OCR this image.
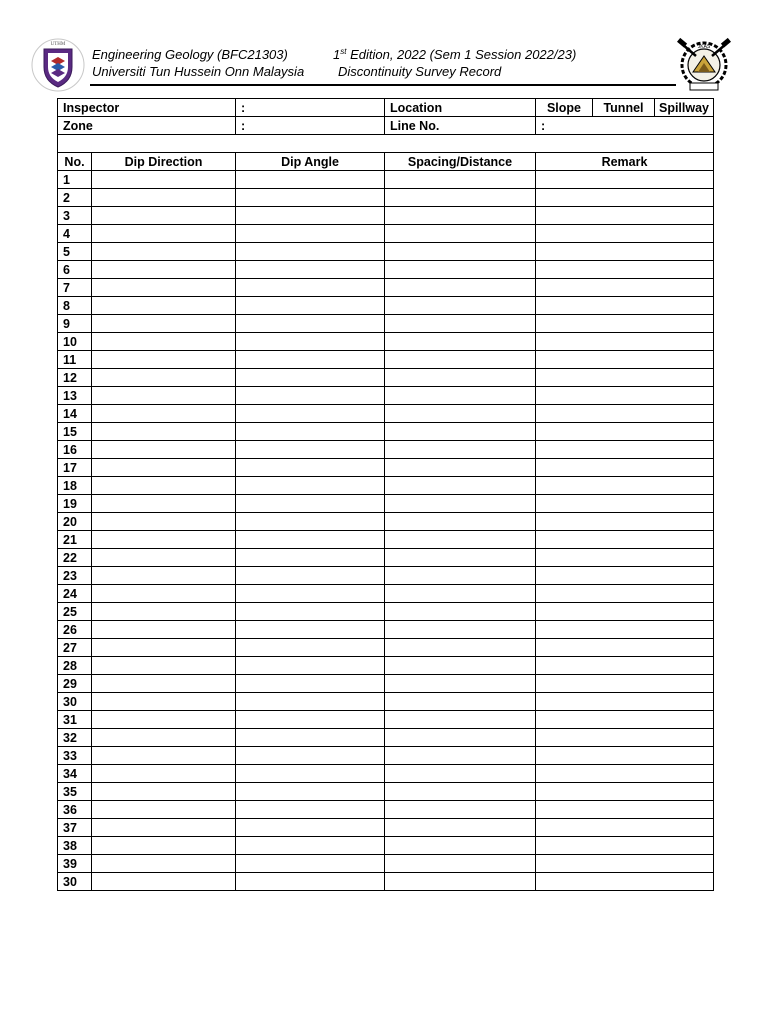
UTHM
Engineering Geology (BFC21303)
Universiti Tun Hussein Onn Malaysia
1st Edition, 2022 (Sem 1 Session 2022/23)
Discontinuity Survey Record
JKAS
Inspector	:	Location	Slope	Tunnel	Spillway
Zone	:	Line No.	:		

No.	Dip Direction	Dip Angle	Spacing/Distance	Remark
1				
2				
3				
4				
5				
6				
7				
8				
9				
10				
11				
12				
13				
14				
15				
16				
17				
18				
19				
20				
21				
22				
23				
24				
25				
26				
27				
28				
29				
30				
31				
32				
33				
34				
35				
36				
37				
38				
39				
30				
